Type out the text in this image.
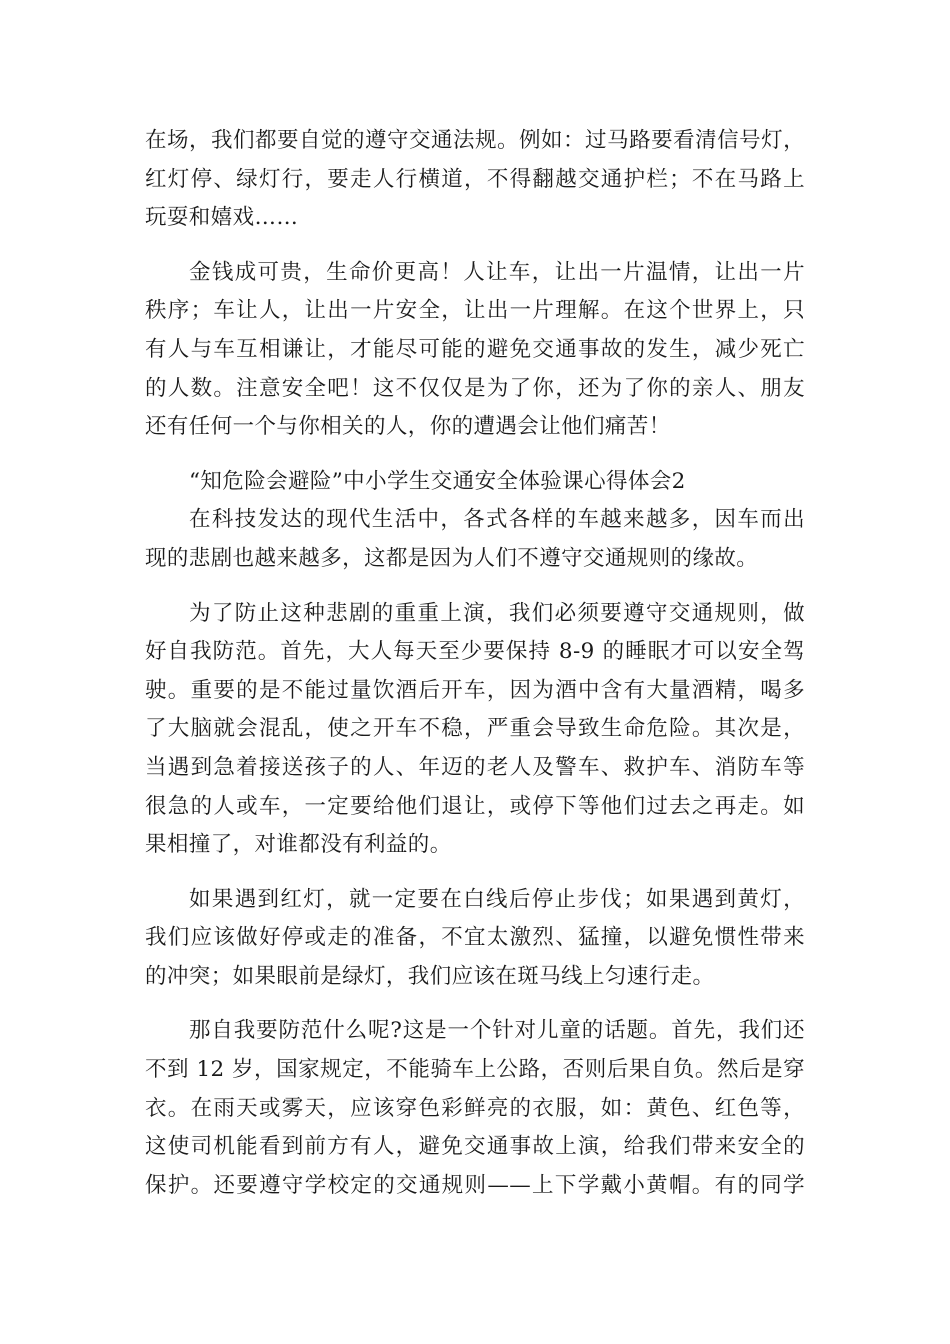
在场，我们都要自觉的遵守交通法规。例如：过马路要看清信号灯，
红灯停、绿灯行，要走人行横道，不得翻越交通护栏；不在马路上
玩耍和嬉戏……
金钱成可贵，生命价更高！人让车，让出一片温情，让出一片
秩序；车让人，让出一片安全，让出一片理解。在这个世界上，只
有人与车互相谦让，才能尽可能的避免交通事故的发生，减少死亡
的人数。注意安全吧！这不仅仅是为了你，还为了你的亲人、朋友
还有任何一个与你相关的人，你的遭遇会让他们痛苦！
“知危险会避险”中小学生交通安全体验课心得体会2
在科技发达的现代生活中，各式各样的车越来越多，因车而出
现的悲剧也越来越多，这都是因为人们不遵守交通规则的缘故。
为了防止这种悲剧的重重上演，我们必须要遵守交通规则，做
好自我防范。首先，大人每天至少要保持 8-9 的睡眠才可以安全驾
驶。重要的是不能过量饮酒后开车，因为酒中含有大量酒精，喝多
了大脑就会混乱，使之开车不稳，严重会导致生命危险。其次是，
当遇到急着接送孩子的人、年迈的老人及警车、救护车、消防车等
很急的人或车，一定要给他们退让，或停下等他们过去之再走。如
果相撞了，对谁都没有利益的。
如果遇到红灯，就一定要在白线后停止步伐；如果遇到黄灯，
我们应该做好停或走的准备，不宜太激烈、猛撞，以避免惯性带来
的冲突；如果眼前是绿灯，我们应该在斑马线上匀速行走。
那自我要防范什么呢?这是一个针对儿童的话题。首先，我们还
不到 12 岁，国家规定，不能骑车上公路，否则后果自负。然后是穿
衣。在雨天或雾天，应该穿色彩鲜亮的衣服，如：黄色、红色等，
这使司机能看到前方有人，避免交通事故上演，给我们带来安全的
保护。还要遵守学校定的交通规则——上下学戴小黄帽。有的同学
